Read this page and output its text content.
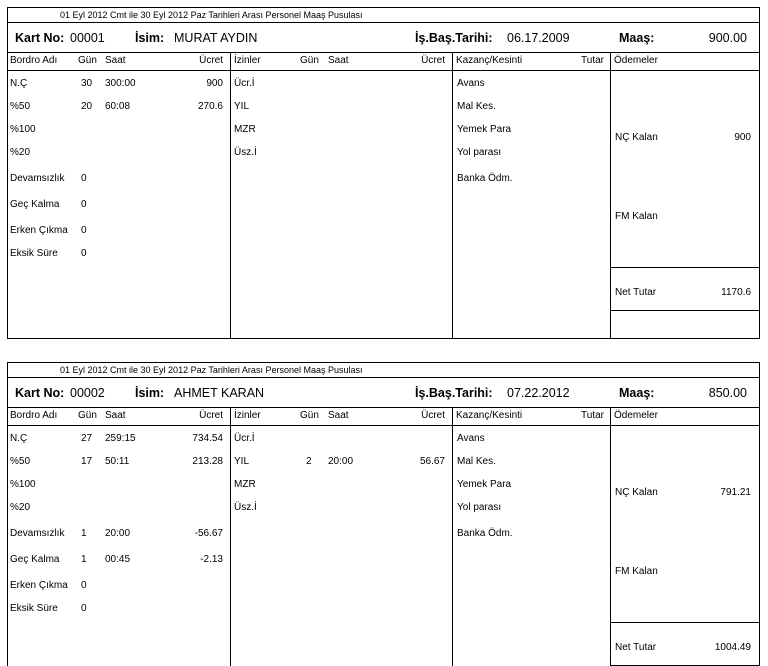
01 Eyl 2012 Cmt ile 30 Eyl 2012 Paz Tarihleri Arası Personel Maaş Pusulası
Kart No: 00001 İsim: MURAT AYDIN	İş.Baş.Tarihi: 06.17.2009	Maaş:	900.00
Bordro Adı Gün Saat	Ücret İzinler	Gün Saat	Ücret Kazanç/Kesinti	Tutar Ödemeler
N.Ç	30 300:00	900
%50	20 60:08	270.6
%100
%20
Devamsızlık 0
Geç Kalma 0
Erken Çıkma 0
Eksik Süre 0
Ücr.İ
YIL
MZR
Üsz.İ
Avans
Mal Kes.
Yemek Para
Yol parası
Banka Ödm.
NÇ Kalan	900
FM Kalan
Net Tutar	1170.6
01 Eyl 2012 Cmt ile 30 Eyl 2012 Paz Tarihleri Arası Personel Maaş Pusulası
Kart No: 00002 İsim: AHMET KARAN	İş.Baş.Tarihi: 07.22.2012	Maaş:	850.00
Bordro Adı Gün Saat	Ücret İzinler	Gün Saat	Ücret Kazanç/Kesinti	Tutar Ödemeler
N.Ç	27 259:15	734.54
%50	17 50:11	213.28
%100
%20
Devamsızlık 1 20:00	-56.67
Geç Kalma 1 00:45	-2.13
Erken Çıkma 0
Eksik Süre 0
Ücr.İ
YIL	2 20:00	56.67
MZR
Üsz.İ
Avans
Mal Kes.
Yemek Para
Yol parası
Banka Ödm.
NÇ Kalan	791.21
FM Kalan
Net Tutar	1004.49
